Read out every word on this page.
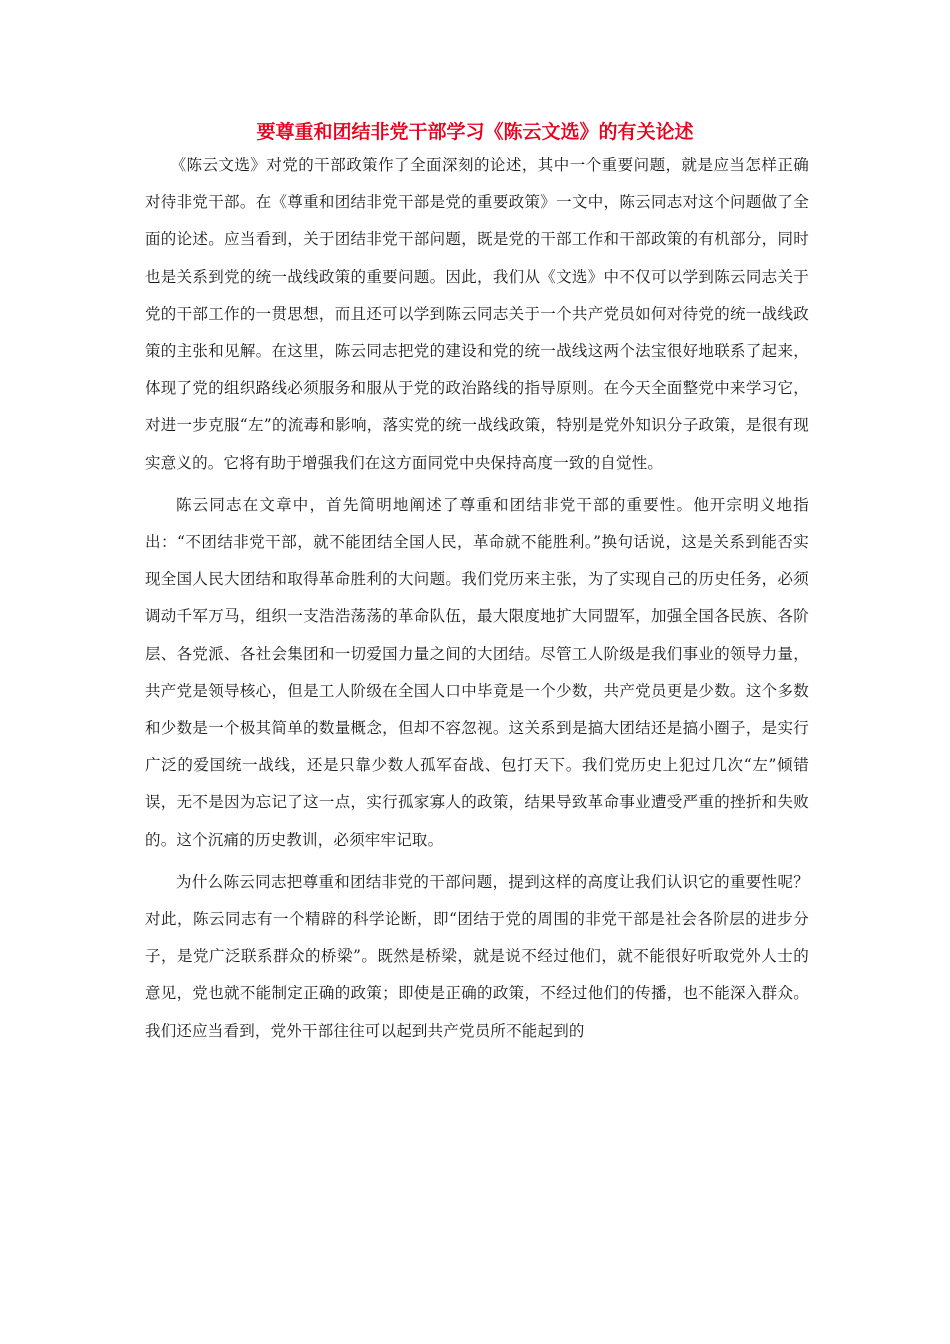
要尊重和团结非党干部学习《陈云文选》的有关论述

《陈云文选》对党的干部政策作了全面深刻的论述，其中一个重要问题，就是应当怎样正确对待非党干部。在《尊重和团结非党干部是党的重要政策》一文中，陈云同志对这个问题做了全面的论述。应当看到，关于团结非党干部问题，既是党的干部工作和干部政策的有机部分，同时也是关系到党的统一战线政策的重要问题。因此，我们从《文选》中不仅可以学到陈云同志关于党的干部工作的一贯思想，而且还可以学到陈云同志关于一个共产党员如何对待党的统一战线政策的主张和见解。在这里，陈云同志把党的建设和党的统一战线这两个法宝很好地联系了起来，体现了党的组织路线必须服务和服从于党的政治路线的指导原则。在今天全面整党中来学习它，对进一步克服“左”的流毒和影响，落实党的统一战线政策，特别是党外知识分子政策，是很有现实意义的。它将有助于增强我们在这方面同党中央保持高度一致的自觉性。

陈云同志在文章中，首先简明地阐述了尊重和团结非党干部的重要性。他开宗明义地指出：“不团结非党干部，就不能团结全国人民，革命就不能胜利。”换句话说，这是关系到能否实现全国人民大团结和取得革命胜利的大问题。我们党历来主张，为了实现自己的历史任务，必须调动千军万马，组织一支浩浩荡荡的革命队伍，最大限度地扩大同盟军，加强全国各民族、各阶层、各党派、各社会集团和一切爱国力量之间的大团结。尽管工人阶级是我们事业的领导力量，共产党是领导核心，但是工人阶级在全国人口中毕竟是一个少数，共产党员更是少数。这个多数和少数是一个极其简单的数量概念，但却不容忽视。这关系到是搞大团结还是搞小圈子，是实行广泛的爱国统一战线，还是只靠少数人孤军奋战、包打天下。我们党历史上犯过几次“左”倾错误，无不是因为忘记了这一点，实行孤家寡人的政策，结果导致革命事业遭受严重的挫折和失败的。这个沉痛的历史教训，必须牢牢记取。

为什么陈云同志把尊重和团结非党的干部问题，提到这样的高度让我们认识它的重要性呢？对此，陈云同志有一个精辟的科学论断，即“团结于党的周围的非党干部是社会各阶层的进步分子，是党广泛联系群众的桥梁”。既然是桥梁，就是说不经过他们，就不能很好听取党外人士的意见，党也就不能制定正确的政策；即使是正确的政策，不经过他们的传播，也不能深入群众。我们还应当看到，党外干部往往可以起到共产党员所不能起到的
